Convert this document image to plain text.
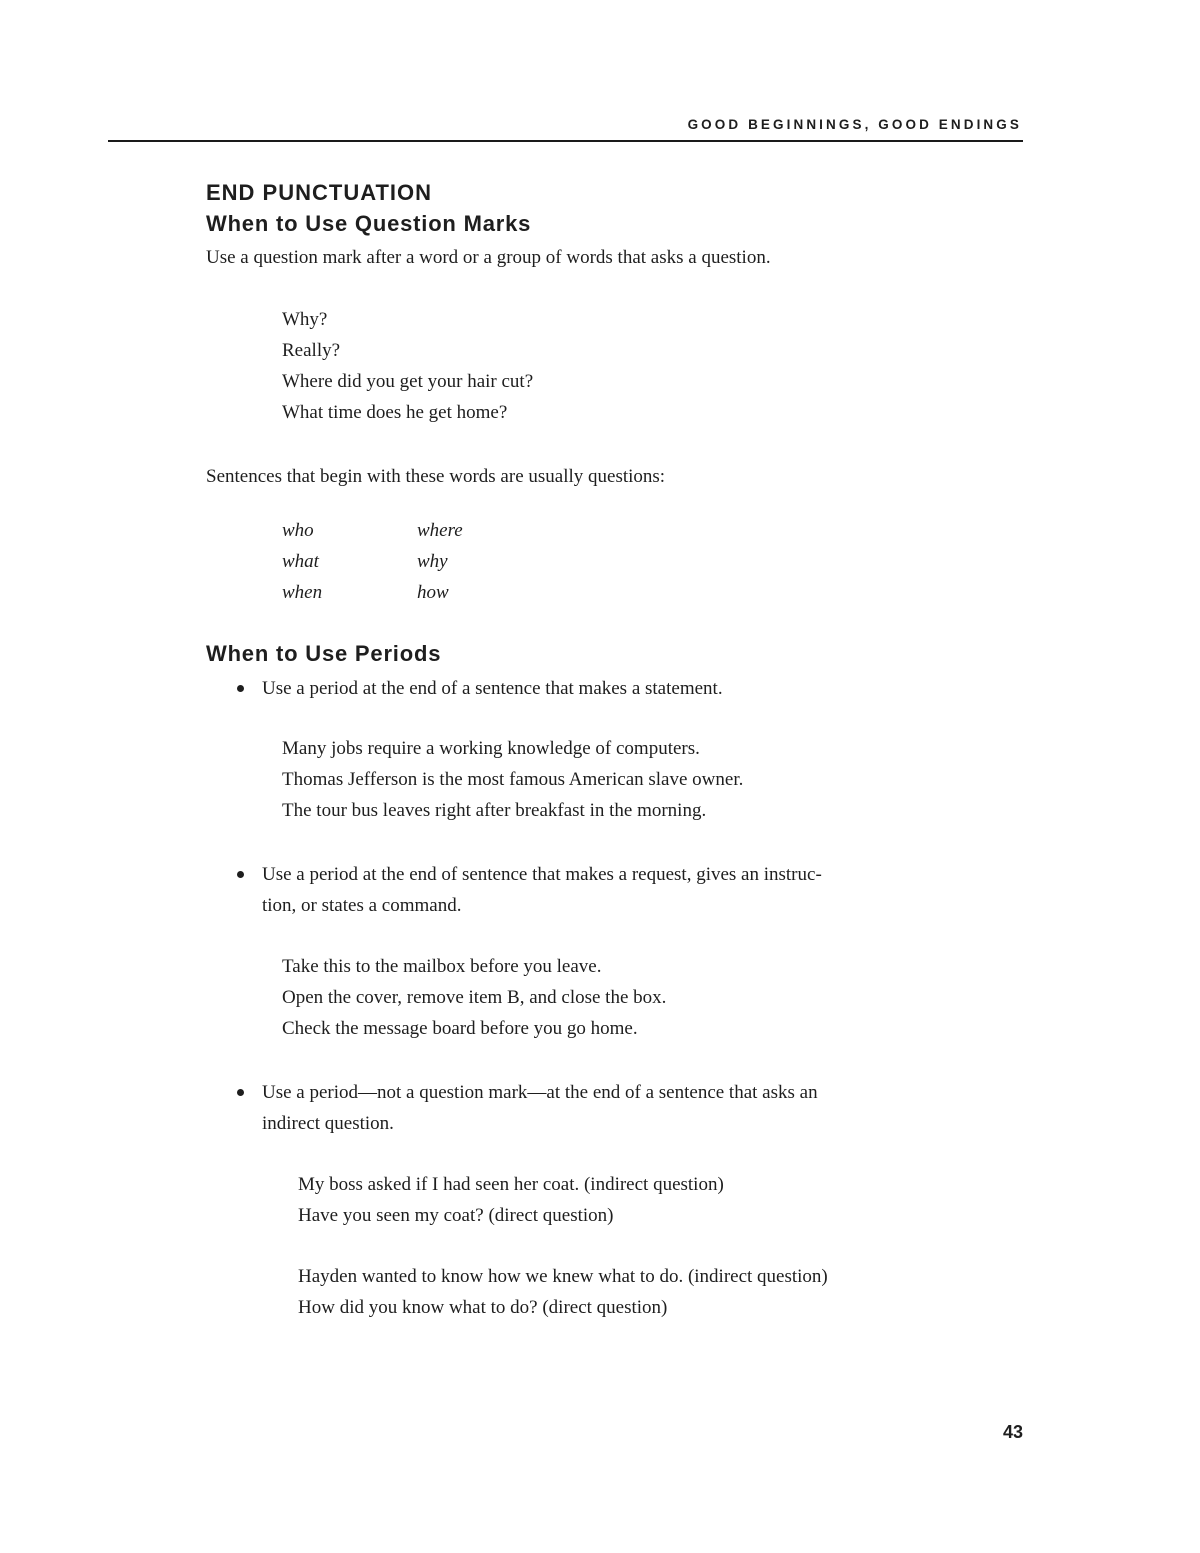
GOOD BEGINNINGS, GOOD ENDINGS
END PUNCTUATION
When to Use Question Marks
Use a question mark after a word or a group of words that asks a question.
Why?
Really?
Where did you get your hair cut?
What time does he get home?
Sentences that begin with these words are usually questions:
who	where
what	why
when	how
When to Use Periods
Use a period at the end of a sentence that makes a statement.
Many jobs require a working knowledge of computers.
Thomas Jefferson is the most famous American slave owner.
The tour bus leaves right after breakfast in the morning.
Use a period at the end of sentence that makes a request, gives an instruc-
tion, or states a command.
Take this to the mailbox before you leave.
Open the cover, remove item B, and close the box.
Check the message board before you go home.
Use a period—not a question mark—at the end of a sentence that asks an
indirect question.
My boss asked if I had seen her coat. (indirect question)
Have you seen my coat? (direct question)
Hayden wanted to know how we knew what to do. (indirect question)
How did you know what to do? (direct question)
43
